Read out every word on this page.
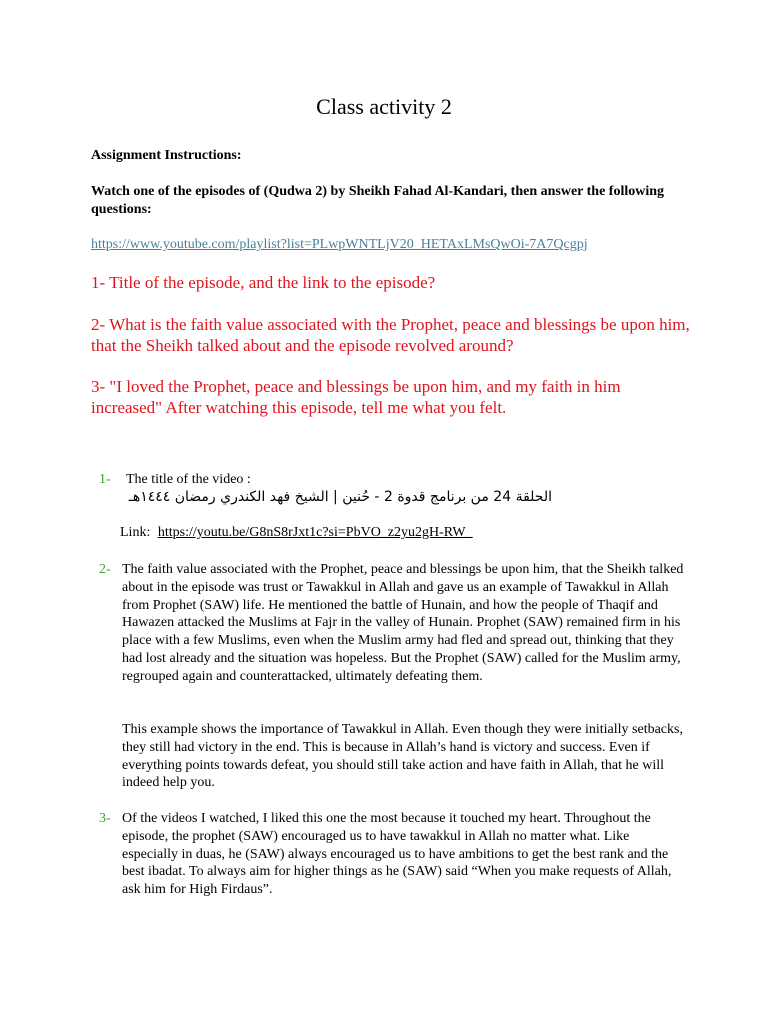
Class activity 2
Assignment Instructions:
Watch one of the episodes of (Qudwa 2) by Sheikh Fahad Al-Kandari, then answer the following questions:
https://www.youtube.com/playlist?list=PLwpWNTLjV20_HETAxLMsQwOi-7A7Qcgpj
1- Title of the episode, and the link to the episode?
2- What is the faith value associated with the Prophet, peace and blessings be upon him, that the Sheikh talked about and the episode revolved around?
3- "I loved the Prophet, peace and blessings be upon him, and my faith in him increased" After watching this episode, tell me what you felt.
1- The title of the video :
الحلقة 24 من برنامج قدوة 2 - حُنين | الشيخ فهد الكندري رمضان ١٤٤٤هـ
Link: https://youtu.be/G8nS8rJxt1c?si=PbVO_z2yu2gH-RW_
2- The faith value associated with the Prophet, peace and blessings be upon him, that the Sheikh talked about in the episode was trust or Tawakkul in Allah and gave us an example of Tawakkul in Allah from Prophet (SAW) life. He mentioned the battle of Hunain, and how the people of Thaqif and Hawazen attacked the Muslims at Fajr in the valley of Hunain. Prophet (SAW) remained firm in his place with a few Muslims, even when the Muslim army had fled and spread out, thinking that they had lost already and the situation was hopeless. But the Prophet (SAW) called for the Muslim army, regrouped again and counterattacked, ultimately defeating them.
This example shows the importance of Tawakkul in Allah. Even though they were initially setbacks, they still had victory in the end. This is because in Allah’s hand is victory and success. Even if everything points towards defeat, you should still take action and have faith in Allah, that he will indeed help you.
3- Of the videos I watched, I liked this one the most because it touched my heart. Throughout the episode, the prophet (SAW) encouraged us to have tawakkul in Allah no matter what. Like especially in duas, he (SAW) always encouraged us to have ambitions to get the best rank and the best ibadat. To always aim for higher things as he (SAW) said “When you make requests of Allah, ask him for High Firdaus”.
